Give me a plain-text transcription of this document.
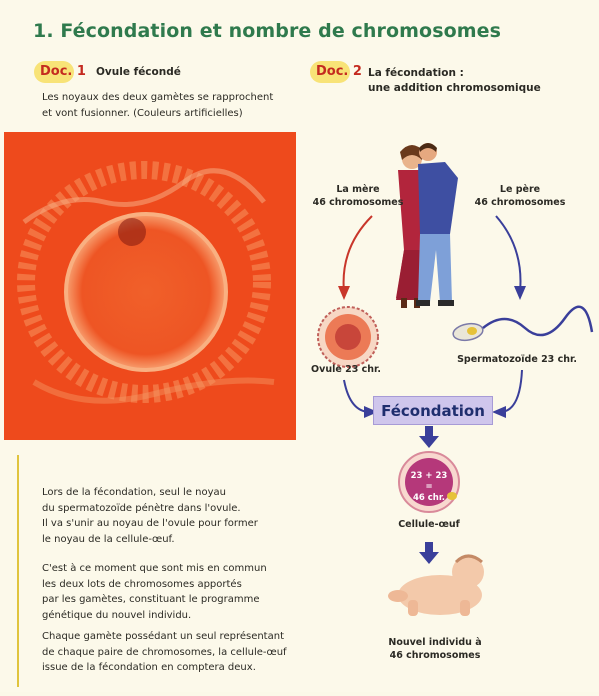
1. Fécondation et nombre de chromosomes
Doc. 1 Ovule fécondé
Les noyaux des deux gamètes se rapprochent
et vont fusionner. (Couleurs artificielles)
Doc. 2 La fécondation :
une addition chromosomique
La mère
46 chromosomes
Le père
46 chromosomes
Ovule 23 chr.
Spermatozoïde 23 chr.
Fécondation
23 + 23
=
46 chr.
Cellule-œuf
Nouvel individu à
46 chromosomes

Lors de la fécondation, seul le noyau

du spermatozoïde pénètre dans l'ovule.

Il va s'unir au noyau de l'ovule pour former

le noyau de la cellule-œuf.

C'est à ce moment que sont mis en commun

les deux lots de chromosomes apportés

par les gamètes, constituant le programme

génétique du nouvel individu.

Chaque gamète possédant un seul représentant

de chaque paire de chromosomes, la cellule-œuf

issue de la fécondation en comptera deux.
